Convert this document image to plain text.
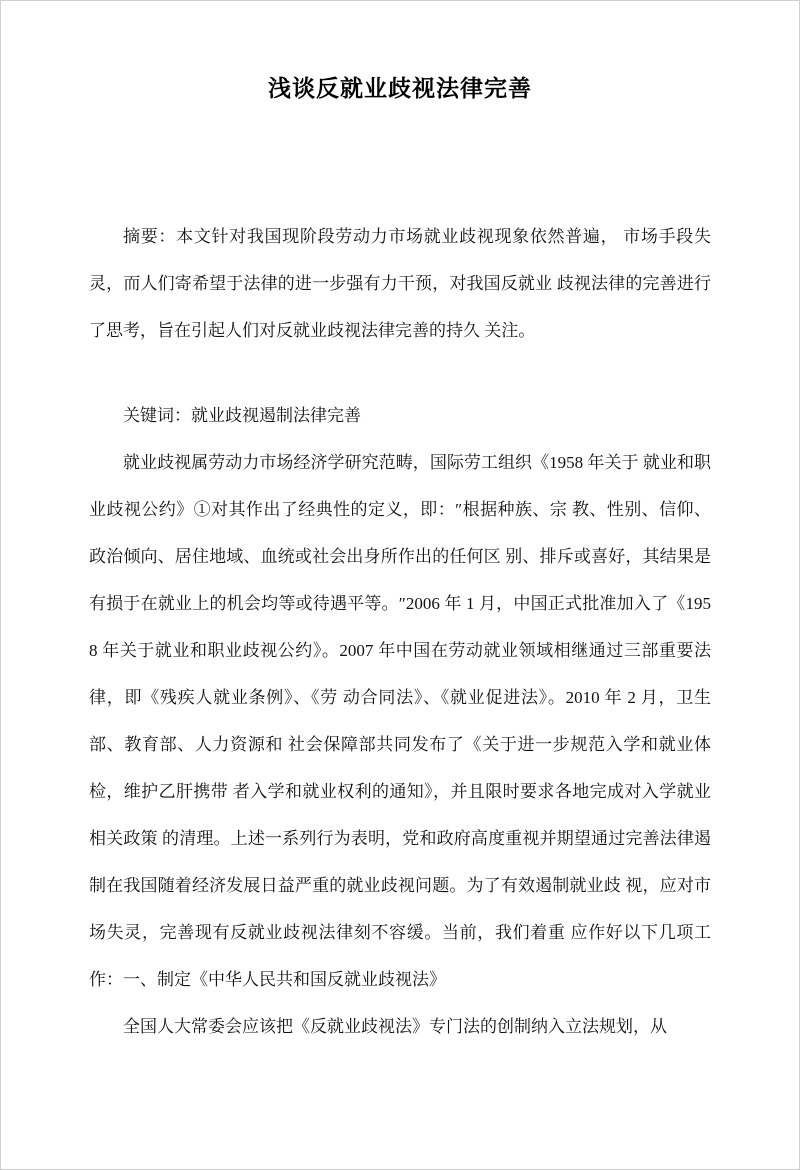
浅谈反就业歧视法律完善

摘要：本文针对我国现阶段劳动力市场就业歧视现象依然普遍， 市场手段失灵，而人们寄希望于法律的进一步强有力干预，对我国反就业 歧视法律的完善进行了思考，旨在引起人们对反就业歧视法律完善的持久 关注。

关键词：就业歧视遏制法律完善

就业歧视属劳动力市场经济学研究范畴，国际劳工组织《1958 年关于 就业和职业歧视公约》①对其作出了经典性的定义，即：″根据种族、宗 教、性别、信仰、政治倾向、居住地域、血统或社会出身所作出的任何区 别、排斥或喜好，其结果是有损于在就业上的机会均等或待遇平等。″2006 年 1 月，中国正式批准加入了《1958 年关于就业和职业歧视公约》。2007 年中国在劳动就业领域相继通过三部重要法律，即《残疾人就业条例》、《劳 动合同法》、《就业促进法》。2010 年 2 月，卫生部、教育部、人力资源和 社会保障部共同发布了《关于进一步规范入学和就业体检，维护乙肝携带 者入学和就业权利的通知》，并且限时要求各地完成对入学就业相关政策 的清理。上述一系列行为表明，党和政府高度重视并期望通过完善法律遏 制在我国随着经济发展日益严重的就业歧视问题。为了有效遏制就业歧 视，应对市场失灵，完善现有反就业歧视法律刻不容缓。当前，我们着重 应作好以下几项工作：一、制定《中华人民共和国反就业歧视法》

全国人大常委会应该把《反就业歧视法》专门法的创制纳入立法规划，从
